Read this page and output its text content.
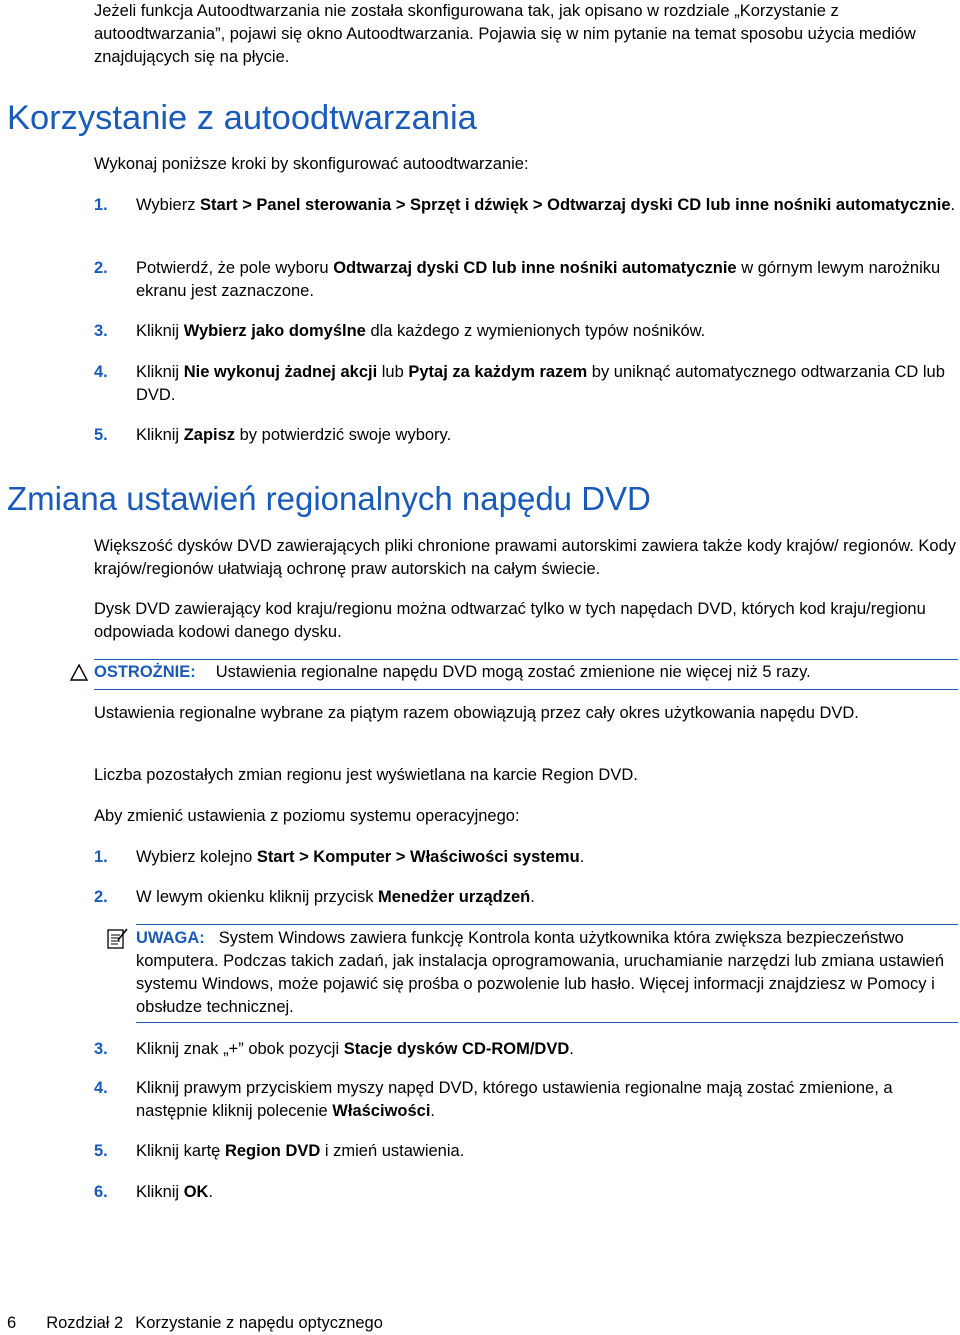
Jeżeli funkcja Autoodtwarzania nie została skonfigurowana tak, jak opisano w rozdziale „Korzystanie z autoodtwarzania”, pojawi się okno Autoodtwarzania. Pojawia się w nim pytanie na temat sposobu użycia mediów znajdujących się na płycie.

Korzystanie z autoodtwarzania

Wykonaj poniższe kroki by skonfigurować autoodtwarzanie:

1. Wybierz Start > Panel sterowania > Sprzęt i dźwięk > Odtwarzaj dyski CD lub inne nośniki automatycznie.
2. Potwierdź, że pole wyboru Odtwarzaj dyski CD lub inne nośniki automatycznie w górnym lewym narożniku ekranu jest zaznaczone.
3. Kliknij Wybierz jako domyślne dla każdego z wymienionych typów nośników.
4. Kliknij Nie wykonuj żadnej akcji lub Pytaj za każdym razem by uniknąć automatycznego odtwarzania CD lub DVD.
5. Kliknij Zapisz by potwierdzić swoje wybory.
Zmiana ustawień regionalnych napędu DVD

Większość dysków DVD zawierających pliki chronione prawami autorskimi zawiera także kody krajów/ regionów. Kody krajów/regionów ułatwiają ochronę praw autorskich na całym świecie.

Dysk DVD zawierający kod kraju/regionu można odtwarzać tylko w tych napędach DVD, których kod kraju/regionu odpowiada kodowi danego dysku.

OSTROŻNIE: Ustawienia regionalne napędu DVD mogą zostać zmienione nie więcej niż 5 razy.

Ustawienia regionalne wybrane za piątym razem obowiązują przez cały okres użytkowania napędu DVD.

Liczba pozostałych zmian regionu jest wyświetlana na karcie Region DVD.

Aby zmienić ustawienia z poziomu systemu operacyjnego:

1. Wybierz kolejno Start > Komputer > Właściwości systemu.
2. W lewym okienku kliknij przycisk Menedżer urządzeń.
UWAGA: System Windows zawiera funkcję Kontrola konta użytkownika która zwiększa bezpieczeństwo komputera. Podczas takich zadań, jak instalacja oprogramowania, uruchamianie narzędzi lub zmiana ustawień systemu Windows, może pojawić się prośba o pozwolenie lub hasło. Więcej informacji znajdziesz w Pomocy i obsłudze technicznej.
3. Kliknij znak „+” obok pozycji Stacje dysków CD-ROM/DVD.
4. Kliknij prawym przyciskiem myszy napęd DVD, którego ustawienia regionalne mają zostać zmienione, a następnie kliknij polecenie Właściwości.
5. Kliknij kartę Region DVD i zmień ustawienia.
6. Kliknij OK.
6 Rozdział 2 Korzystanie z napędu optycznego
